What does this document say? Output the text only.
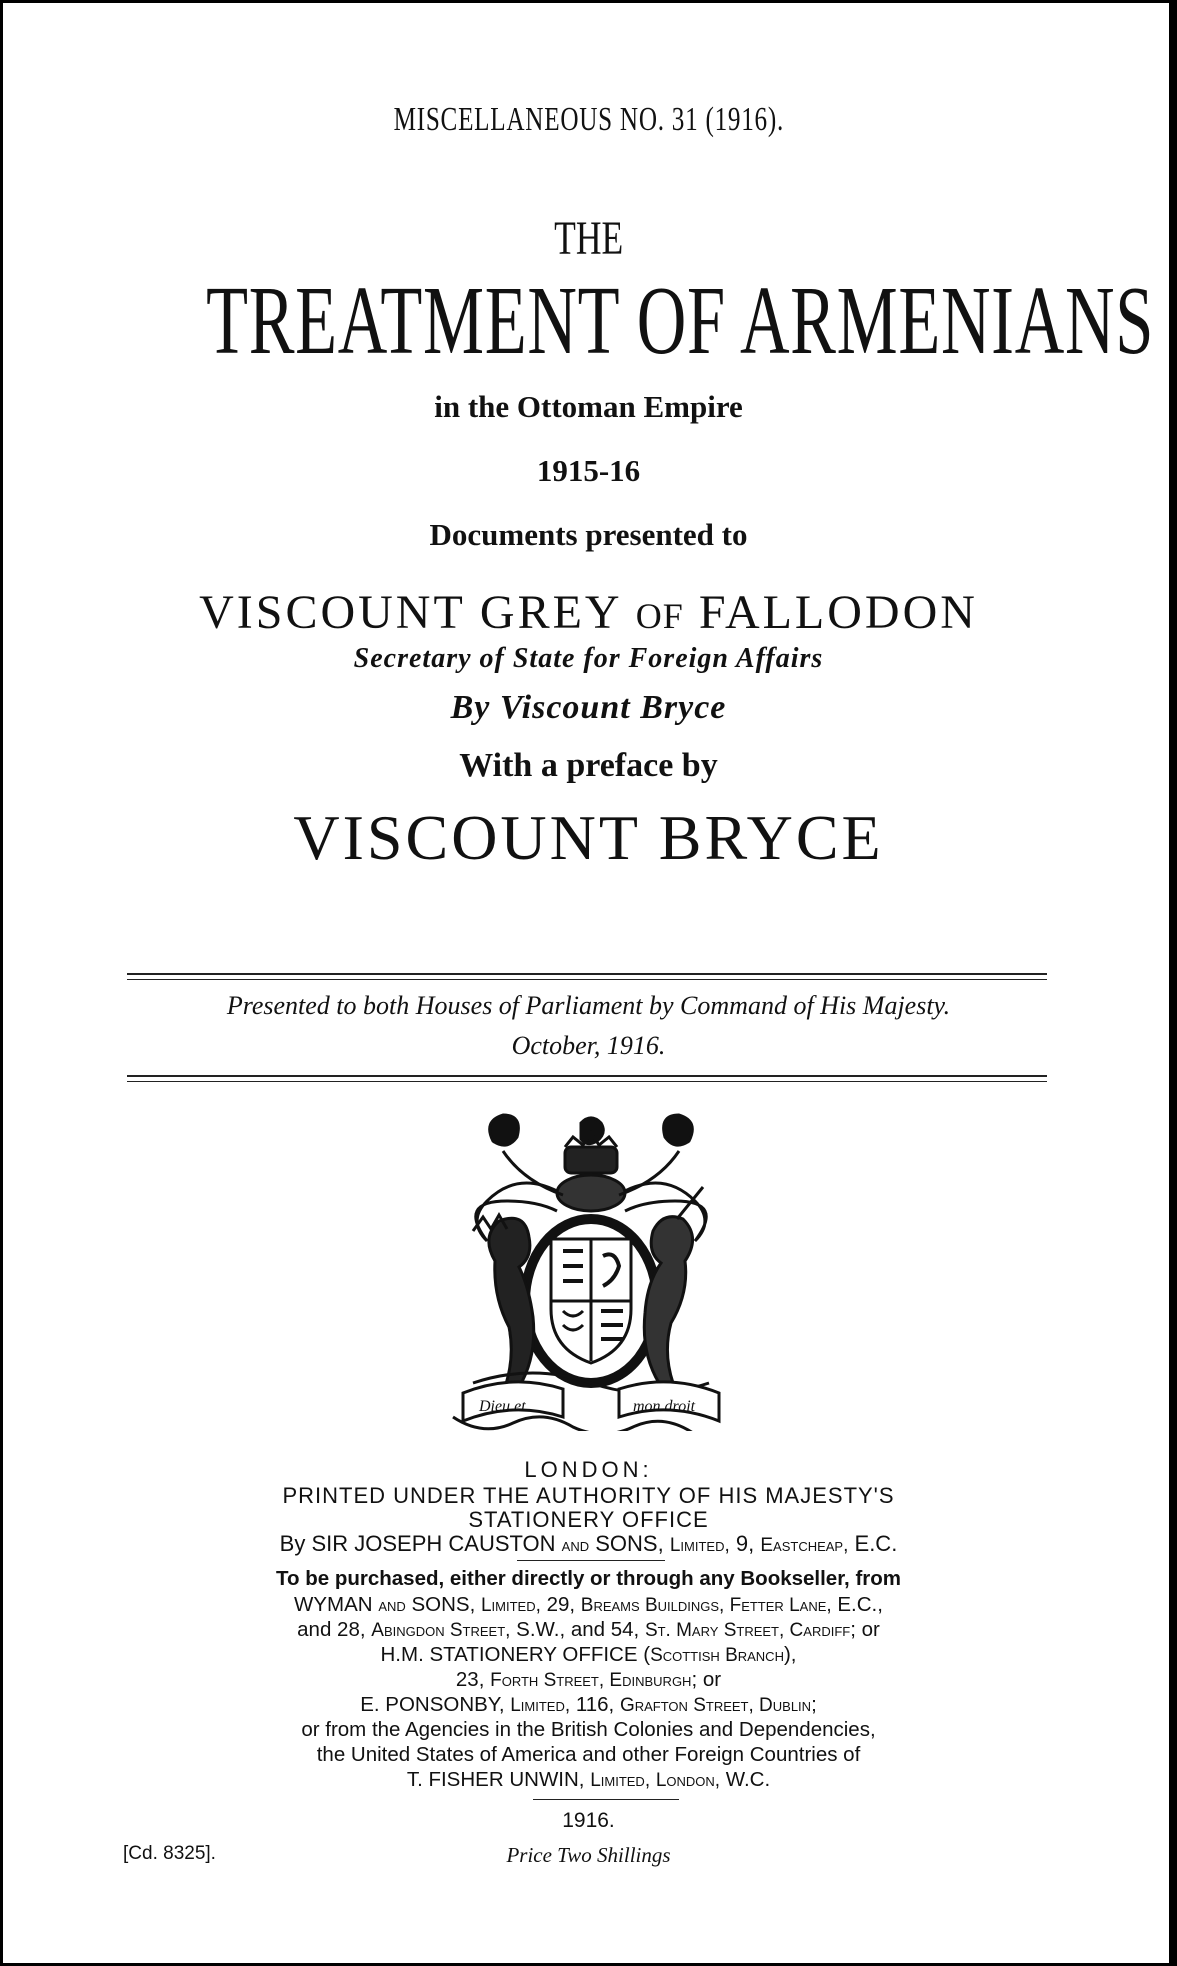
MISCELLANEOUS NO. 31 (1916).
THE
TREATMENT OF ARMENIANS
in the Ottoman Empire
1915-16
Documents presented to
VISCOUNT GREY OF FALLODON
Secretary of State for Foreign Affairs
By Viscount Bryce
With a preface by
VISCOUNT BRYCE
Presented to both Houses of Parliament by Command of His Majesty.
October, 1916.
Dieu et	mon droit
LONDON:
PRINTED UNDER THE AUTHORITY OF HIS MAJESTY'S
STATIONERY OFFICE
By SIR JOSEPH CAUSTON and SONS, Limited, 9, Eastcheap, E.C.
To be purchased, either directly or through any Bookseller, from
WYMAN and SONS, Limited, 29, Breams Buildings, Fetter Lane, E.C.,
and 28, Abingdon Street, S.W., and 54, St. Mary Street, Cardiff; or
H.M. STATIONERY OFFICE (Scottish Branch),
23, Forth Street, Edinburgh; or
E. PONSONBY, Limited, 116, Grafton Street, Dublin;
or from the Agencies in the British Colonies and Dependencies,
the United States of America and other Foreign Countries of
T. FISHER UNWIN, Limited, London, W.C.
1916.
[Cd. 8325].	Price Two Shillings
